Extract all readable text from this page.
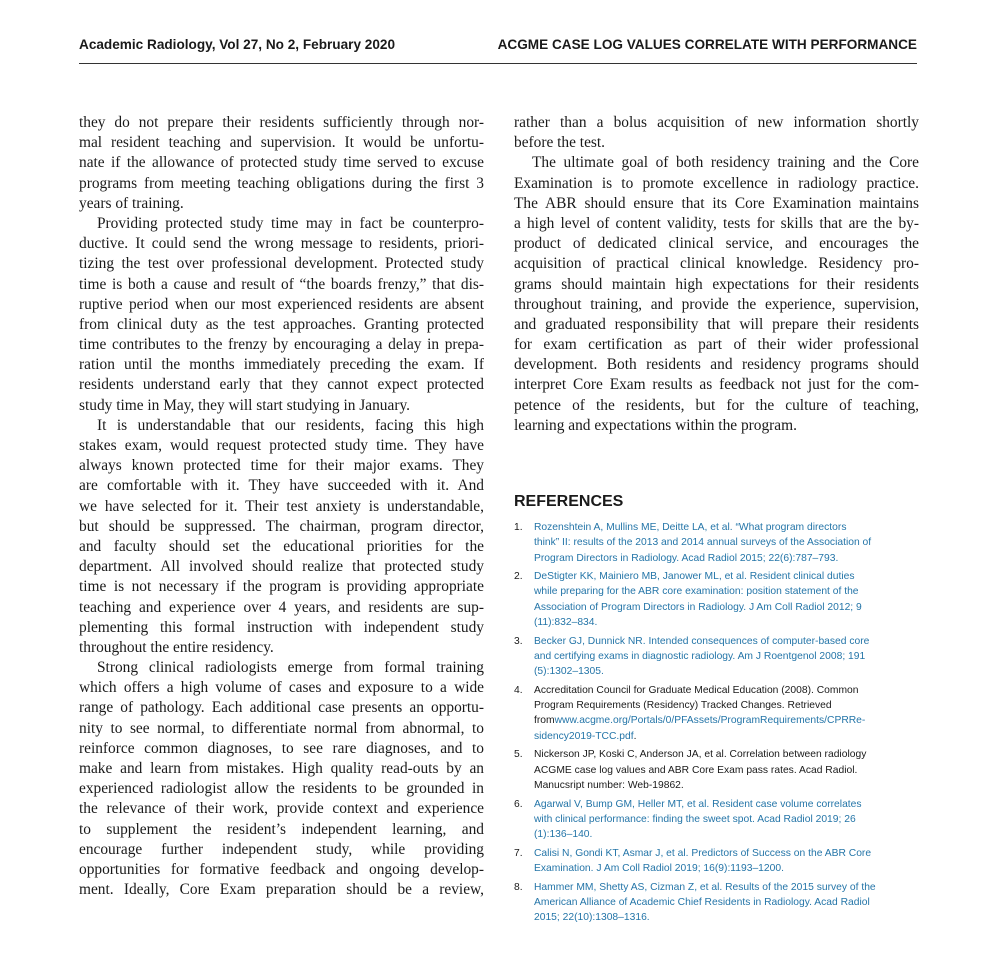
Academic Radiology, Vol 27, No 2, February 2020	ACGME CASE LOG VALUES CORRELATE WITH PERFORMANCE
they do not prepare their residents sufficiently through nor-
mal resident teaching and supervision. It would be unfortu-
nate if the allowance of protected study time served to excuse
programs from meeting teaching obligations during the first 3
years of training.
Providing protected study time may in fact be counterpro-
ductive. It could send the wrong message to residents, priori-
tizing the test over professional development. Protected study
time is both a cause and result of “the boards frenzy,” that dis-
ruptive period when our most experienced residents are absent
from clinical duty as the test approaches. Granting protected
time contributes to the frenzy by encouraging a delay in prepa-
ration until the months immediately preceding the exam. If
residents understand early that they cannot expect protected
study time in May, they will start studying in January.
It is understandable that our residents, facing this high
stakes exam, would request protected study time. They have
always known protected time for their major exams. They
are comfortable with it. They have succeeded with it. And
we have selected for it. Their test anxiety is understandable,
but should be suppressed. The chairman, program director,
and faculty should set the educational priorities for the
department. All involved should realize that protected study
time is not necessary if the program is providing appropriate
teaching and experience over 4 years, and residents are sup-
plementing this formal instruction with independent study
throughout the entire residency.
Strong clinical radiologists emerge from formal training
which offers a high volume of cases and exposure to a wide
range of pathology. Each additional case presents an opportu-
nity to see normal, to differentiate normal from abnormal, to
reinforce common diagnoses, to see rare diagnoses, and to
make and learn from mistakes. High quality read-outs by an
experienced radiologist allow the residents to be grounded in
the relevance of their work, provide context and experience
to supplement the resident’s independent learning, and
encourage further independent study, while providing
opportunities for formative feedback and ongoing develop-
ment. Ideally, Core Exam preparation should be a review,
rather than a bolus acquisition of new information shortly
before the test.
The ultimate goal of both residency training and the Core
Examination is to promote excellence in radiology practice.
The ABR should ensure that its Core Examination maintains
a high level of content validity, tests for skills that are the by-
product of dedicated clinical service, and encourages the
acquisition of practical clinical knowledge. Residency pro-
grams should maintain high expectations for their residents
throughout training, and provide the experience, supervision,
and graduated responsibility that will prepare their residents
for exam certification as part of their wider professional
development. Both residents and residency programs should
interpret Core Exam results as feedback not just for the com-
petence of the residents, but for the culture of teaching,
learning and expectations within the program.
REFERENCES
1. Rozenshtein A, Mullins ME, Deitte LA, et al. “What program directors
think” II: results of the 2013 and 2014 annual surveys of the Association of
Program Directors in Radiology. Acad Radiol 2015; 22(6):787–793.
2. DeStigter KK, Mainiero MB, Janower ML, et al. Resident clinical duties
while preparing for the ABR core examination: position statement of the
Association of Program Directors in Radiology. J Am Coll Radiol 2012; 9
(11):832–834.
3. Becker GJ, Dunnick NR. Intended consequences of computer-based core
and certifying exams in diagnostic radiology. Am J Roentgenol 2008; 191
(5):1302–1305.
4. Accreditation Council for Graduate Medical Education (2008). Common
Program Requirements (Residency) Tracked Changes. Retrieved
fromwww.acgme.org/Portals/0/PFAssets/ProgramRequirements/CPRRe-
sidency2019-TCC.pdf.
5. Nickerson JP, Koski C, Anderson JA, et al. Correlation between radiology
ACGME case log values and ABR Core Exam pass rates. Acad Radiol.
Manucsript number: Web-19862.
6. Agarwal V, Bump GM, Heller MT, et al. Resident case volume correlates
with clinical performance: finding the sweet spot. Acad Radiol 2019; 26
(1):136–140.
7. Calisi N, Gondi KT, Asmar J, et al. Predictors of Success on the ABR Core
Examination. J Am Coll Radiol 2019; 16(9):1193–1200.
8. Hammer MM, Shetty AS, Cizman Z, et al. Results of the 2015 survey of the
American Alliance of Academic Chief Residents in Radiology. Acad Radiol
2015; 22(10):1308–1316.
